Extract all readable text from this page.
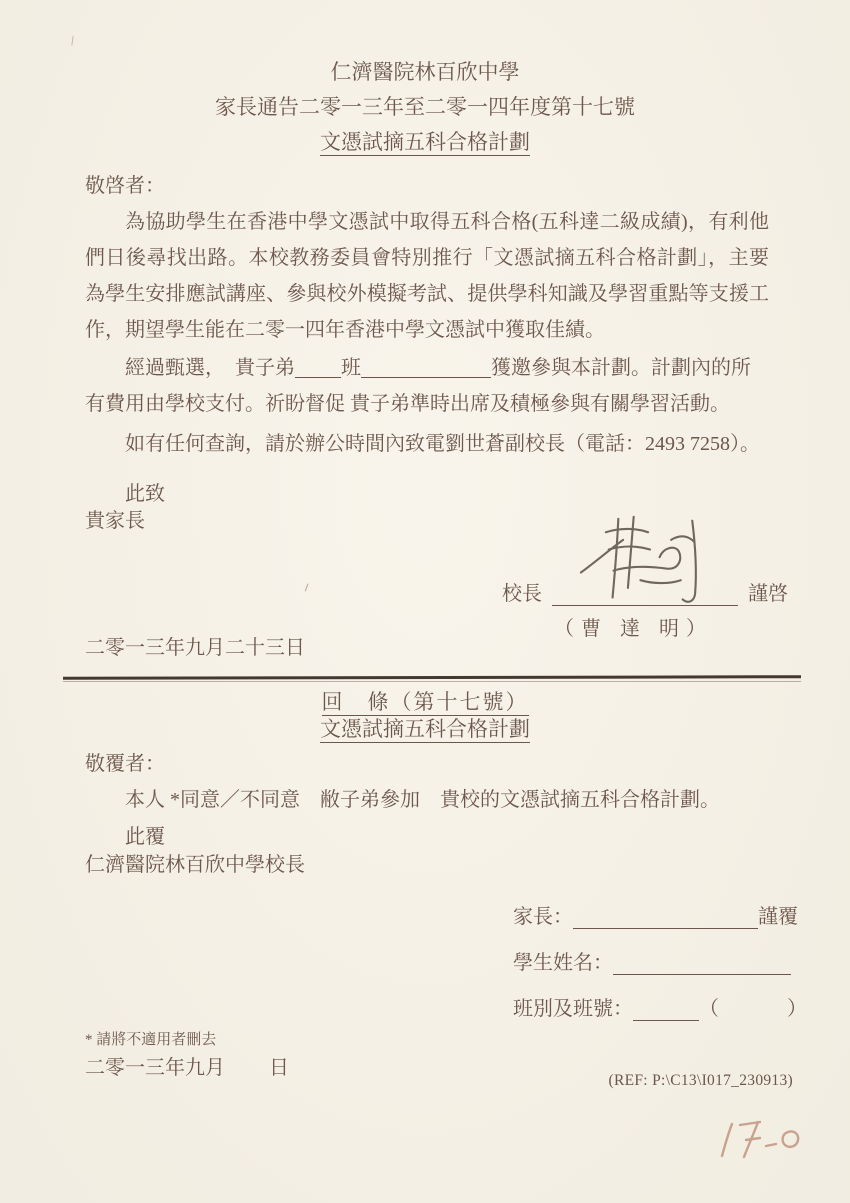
仁濟醫院林百欣中學
家長通告二零一三年至二零一四年度第十七號
文憑試摘五科合格計劃
敬啓者：

為協助學生在香港中學文憑試中取得五科合格(五科達二級成績)，有利他們日後尋找出路。本校教務委員會特別推行「文憑試摘五科合格計劃」，主要為學生安排應試講座、參與校外模擬考試、提供學科知識及學習重點等支援工作，期望學生能在二零一四年香港中學文憑試中獲取佳績。

經過甄選，　貴子弟 班	獲邀參與本計劃。計劃內的所有費用由學校支付。祈盼督促 貴子弟準時出席及積極參與有關學習活動。

如有任何查詢，請於辦公時間內致電劉世蒼副校長（電話：2493 7258）。

此致
貴家長
校長	謹啓
（曹 達 明）
二零一三年九月二十三日
回　條（第十七號）
文憑試摘五科合格計劃
敬覆者：

本人 *同意／不同意　敝子弟參加　貴校的文憑試摘五科合格計劃。

此覆
仁濟醫院林百欣中學校長
家長：	謹覆
學生姓名：
班別及班號：	（	）
* 請將不適用者刪去
二零一三年九月 日
(REF: P:\C13\I017_230913)
